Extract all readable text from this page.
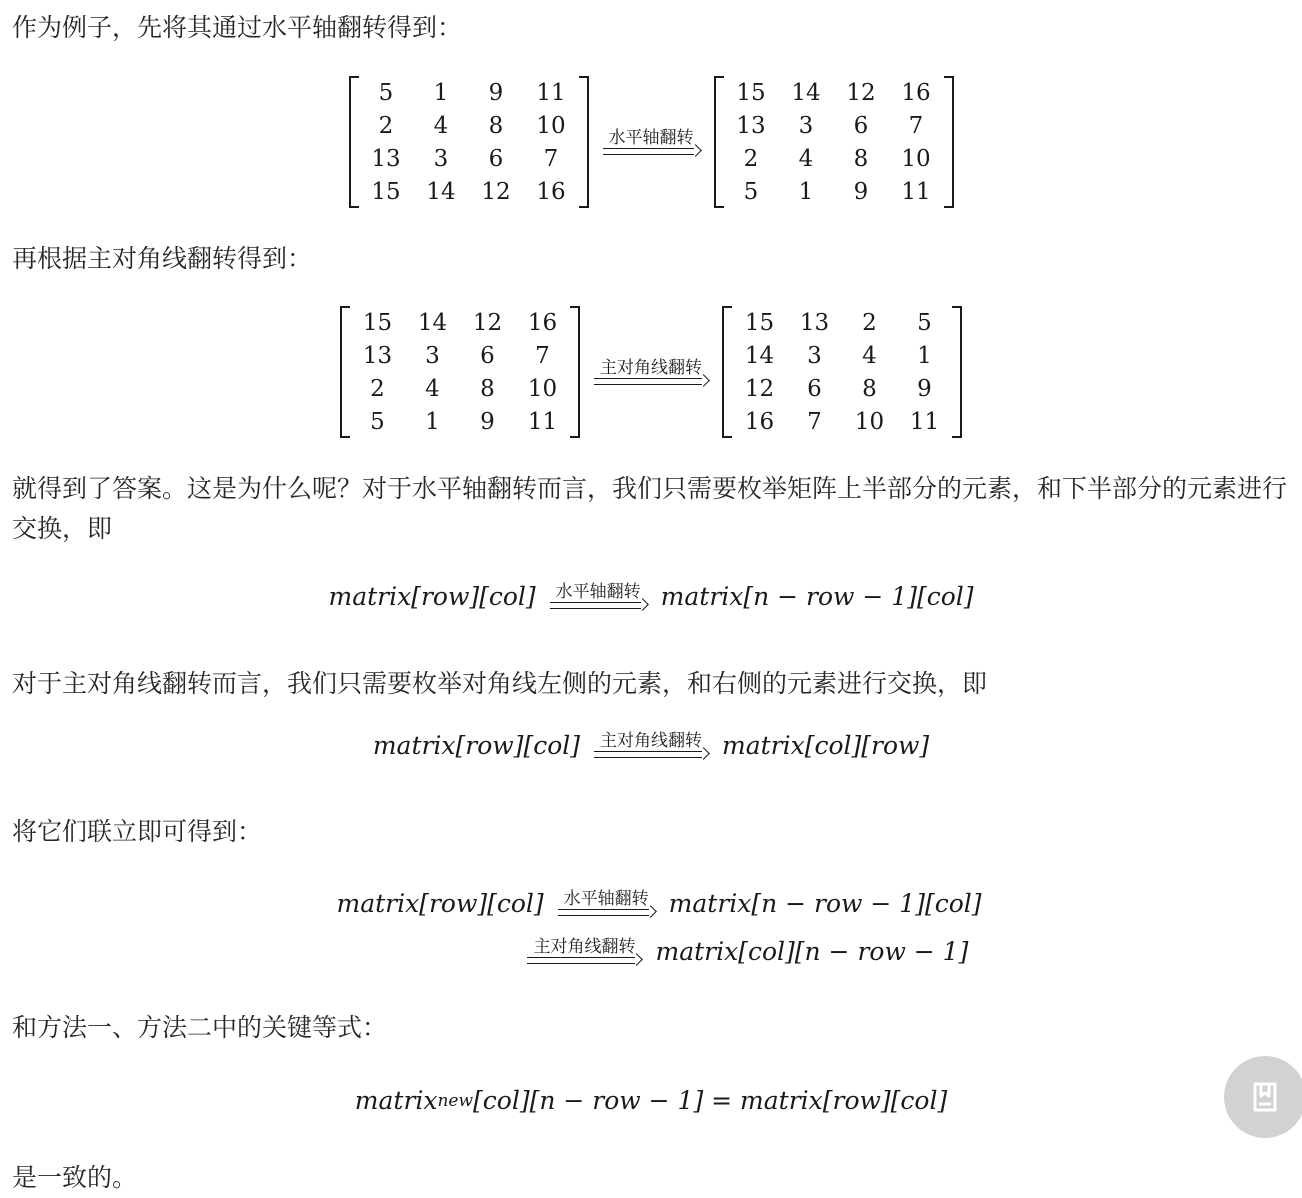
作为例子，先将其通过水平轴翻转得到：

5	1	9	11
2	4	8	10
13	3	6	7
15	14	12	16
水平轴翻转
15	14	12	16
13	3	6	7
2	4	8	10
5	1	9	11

再根据主对角线翻转得到：

15	14	12	16
13	3	6	7
2	4	8	10
5	1	9	11
主对角线翻转
15	13	2	5
14	3	4	1
12	6	8	9
16	7	10	11

就得到了答案。这是为什么呢？对于水平轴翻转而言，我们只需要枚举矩阵上半部分的元素，和下半部分的元素进行交换，即

matrix[row][col]	水平轴翻转 matrix[n − row − 1][col]

对于主对角线翻转而言，我们只需要枚举对角线左侧的元素，和右侧的元素进行交换，即

matrix[row][col]	主对角线翻转 matrix[col][row]

将它们联立即可得到：

matrix[row][col]	水平轴翻转 matrix[n − row − 1][col]
主对角线翻转 matrix[col][n − row − 1]

和方法一、方法二中的关键等式：

matrix new [col][n − row − 1] = matrix[row][col]

是一致的。
